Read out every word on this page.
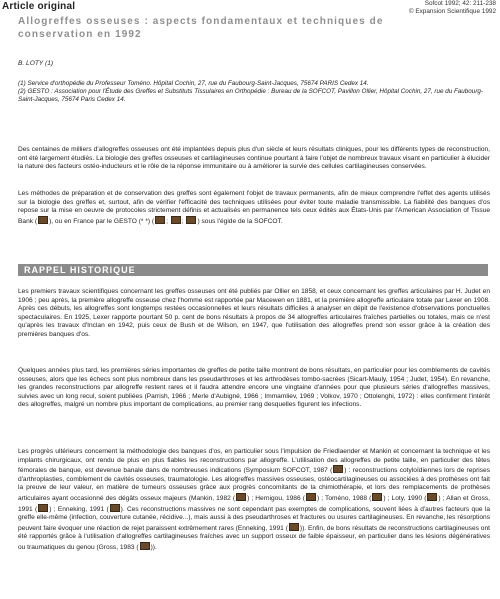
Article original	Sofcot 1992; 42: 211-238
© Expansion Scientifique 1992
Allogreffes osseuses : aspects fondamentaux et techniques de
conservation en 1992
B. LOTY (1)

(1) Service d'orthopédie du Professeur Toméno. Hôpital Cochin, 27, rue du Faubourg-Saint-Jacques, 75674 PARIS Cedex 14.

(2) GESTO : Association pour l'Étude des Greffes et Substituts Tissulaires en Orthopédie : Bureau de la SOFCOT, Pavillon Ollier, Hôpital Cochin, 27, rue du Faubourg-Saint-Jacques, 75674 Paris Cedex 14.

Des centaines de milliers d'allogreffes osseuses ont été implantées depuis plus d'un siècle et leurs résultats cliniques, pour les différents types de reconstruction, ont été largement étudiés. La biologie des greffes osseuses et cartilagineuses continue pourtant à faire l'objet de nombreux travaux visant en particulier à élucider la nature des facteurs ostéo-inducteurs et le rôle de la réponse immunitaire ou à améliorer la survie des cellules cartilagineuses conservées.

Les méthodes de préparation et de conservation des greffes sont également l'objet de travaux permanents, afin de mieux comprendre l'effet des agents utilisés sur la biologie des greffes et, surtout, afin de vérifier l'efficacité des techniques utilisées pour éviter toute maladie transmissible. La fiabilité des banques d'os repose sur la mise en oeuvre de protocoles strictement définis et actualisés en permanence tels ceux édités aux États-Unis par l'American Association of Tissue Bank ( ), ou en France par le GESTO (* *) ( ; ; ) sous l'égide de la SOFCOT.

RAPPEL HISTORIQUE

Les premiers travaux scientifiques concernant les greffes osseuses ont été publiés par Ollier en 1858, et ceux concernant les greffes articulaires par H. Judet en 1906 ; peu après, la première allogreffe osseuse chez l'homme est rapportée par Macewen en 1881, et la première allogreffe articulaire totale par Lexer en 1908. Après ces débuts, les allogreffes sont longtemps restées occasionnelles et leurs résultats difficiles à analyser en dépit de l'existence d'observations ponctuelles spectaculaires. En 1925, Lexer rapporte pourtant 50 p. cent de bons résultats à propos de 34 allogreffes articulaires fraîches partielles ou totales, mais ce n'est qu'après les travaux d'Inclan en 1942, puis ceux de Bush et de Wilson, en 1947, que l'utilisation des allogreffes prend son essor grâce à la création des premières banques d'os.

Quelques années plus tard, les premières séries importantes de greffes de petite taille montrent de bons résultats, en particulier pour les comblements de cavités osseuses, alors que les échecs sont plus nombreux dans les pseudarthroses et les arthrodèses tombo-sacrées (Sicart-Mauly, 1954 ; Judet, 1954). En revanche, les grandes reconstructions par allogreffe restent rares et il faudra attendre encore une vingtaine d'années pour que plusieurs séries d'allogreffes massives, suivies avec un long recul, soient publiées (Parrish, 1966 ; Merle d'Aubigné, 1966 ; Immamliev, 1969 ; Volkov, 1970 ; Ottolenghi, 1972) : elles confirment l'intérêt des allogreffes, malgré un nombre plus important de complications, au premier rang desquelles figurent les infections.

Les progrès ultérieurs concernent la méthodologie des banques d'os, en particulier sous l'impulsion de Friedlaender et Mankin et concernant la technique et les implants chirurgicaux, ont rendu de plus en plus fiables les reconstructions par allogreffe. L'utilisation des allogreffes de petite taille, en particulier des têtes fémorales de banque, est devenue banale dans de nombreuses indications (Symposium SOFCOT, 1987 ( ) : reconstructions cotyloïdiennes lors de reprises d'arthroplasties, comblement de cavités osseuses, traumatologie. Les allogreffes massives osseuses, ostéocartilagineuses ou associées à des prothèses ont fait la preuve de leur valeur, en matière de tumeurs osseuses grâce aux progrès concomitants de la chimiothérapie, et lors des remplacements de prothèses articulaires ayant occasionné des dégâts osseux majeurs (Mankin, 1982 ( ) ; Hernigou, 1986 ( ) ; Toméno, 1988 ( ) ; Loty, 1990 ( ) ; Allan et Gross, 1991 ( ) ; Enneking, 1991 ( ). Ces reconstructions massives ne sont cependant pas exemptes de complications, souvent liées à d'autres facteurs que la greffe elle-même (infection, couverture cutanée, récidive...), mais aussi à des pseudarthroses et fractures ou usures cartilagineuses. En revanche, les résorptions peuvent faire évoquer une réaction de rejet paraissent extrêmement rares (Enneking, 1991 ( )). Enfin, de bons résultats de reconstructions cartilagineuses ont été rapportés grâce à l'utilisation d'allogreffes cartilagineuses fraîches avec un support osseux de faible épaisseur, en particulier dans les lésions dégénératives ou traumatiques du genou (Gross, 1983 ( )).
